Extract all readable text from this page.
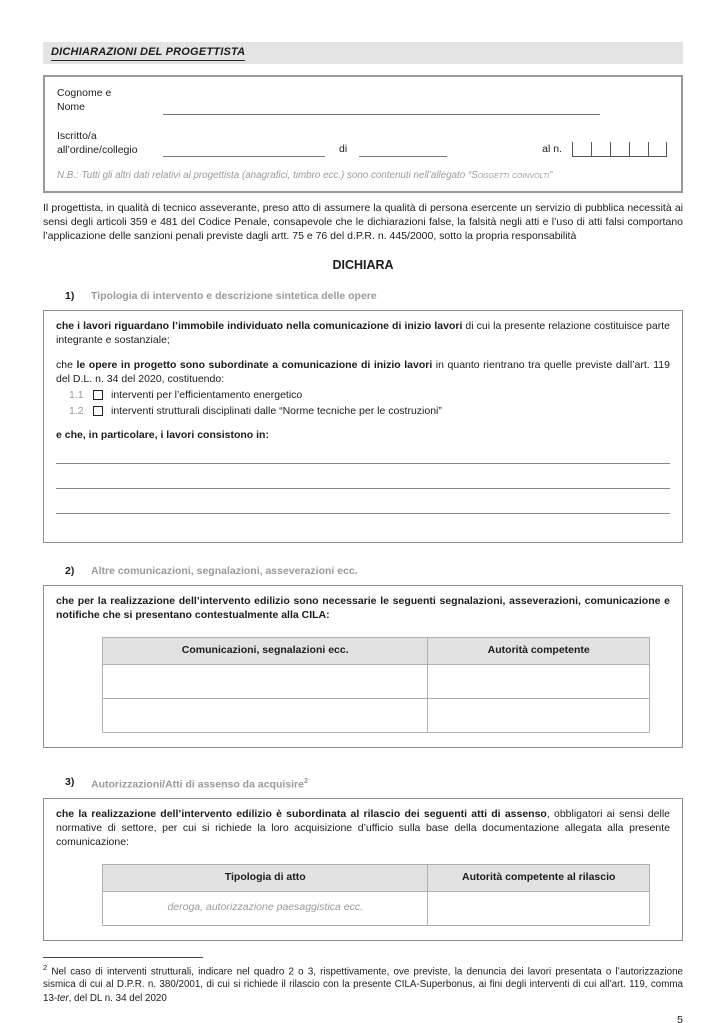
DICHIARAZIONI DEL PROGETTISTA
Cognome e
Nome
Iscritto/a
all’ordine/collegio	di	al n.
N.B.: Tutti gli altri dati relativi al progettista (anagrafici, timbro ecc.) sono contenuti nell’allegato “Soggetti coinvolti”
Il progettista, in qualità di tecnico asseverante, preso atto di assumere la qualità di persona esercente un servizio di pubblica necessità ai sensi degli articoli 359 e 481 del Codice Penale, consapevole che le dichiarazioni false, la falsità negli atti e l’uso di atti falsi comportano l’applicazione delle sanzioni penali previste dagli artt. 75 e 76 del d.P.R. n. 445/2000, sotto la propria responsabilità
DICHIARA
1)	Tipologia di intervento e descrizione sintetica delle opere
che i lavori riguardano l’immobile individuato nella comunicazione di inizio lavori di cui la presente relazione costituisce parte integrante e sostanziale;
che le opere in progetto sono subordinate a comunicazione di inizio lavori in quanto rientrano tra quelle previste dall’art. 119 del D.L. n. 34 del 2020, costituendo:
1.1	interventi per l’efficientamento energetico
1.2	interventi strutturali disciplinati dalle “Norme tecniche per le costruzioni”
e che, in particolare, i lavori consistono in:
2)	Altre comunicazioni, segnalazioni, asseverazioni ecc.
che per la realizzazione dell’intervento edilizio sono necessarie le seguenti segnalazioni, asseverazioni, comunicazione e notifiche che si presentano contestualmente alla CILA:
Comunicazioni, segnalazioni ecc.	Autorità competente

3)	Autorizzazioni/Atti di assenso da acquisire$^2$
che la realizzazione dell’intervento edilizio è subordinata al rilascio dei seguenti atti di assenso, obbligatori ai sensi delle normative di settore, per cui si richiede la loro acquisizione d’ufficio sulla base della documentazione allegata alla presente comunicazione:
Tipologia di atto	Autorità competente al rilascio
deroga, autorizzazione paesaggistica ecc.	
$^2$ Nel caso di interventi strutturali, indicare nel quadro 2 o 3, rispettivamente, ove previste, la denuncia dei lavori presentata o l’autorizzazione sismica di cui al D.P.R. n. 380/2001, di cui si richiede il rilascio con la presente CILA-Superbonus, ai fini degli interventi di cui all’art. 119, comma 13-ter, del DL n. 34 del 2020
5
